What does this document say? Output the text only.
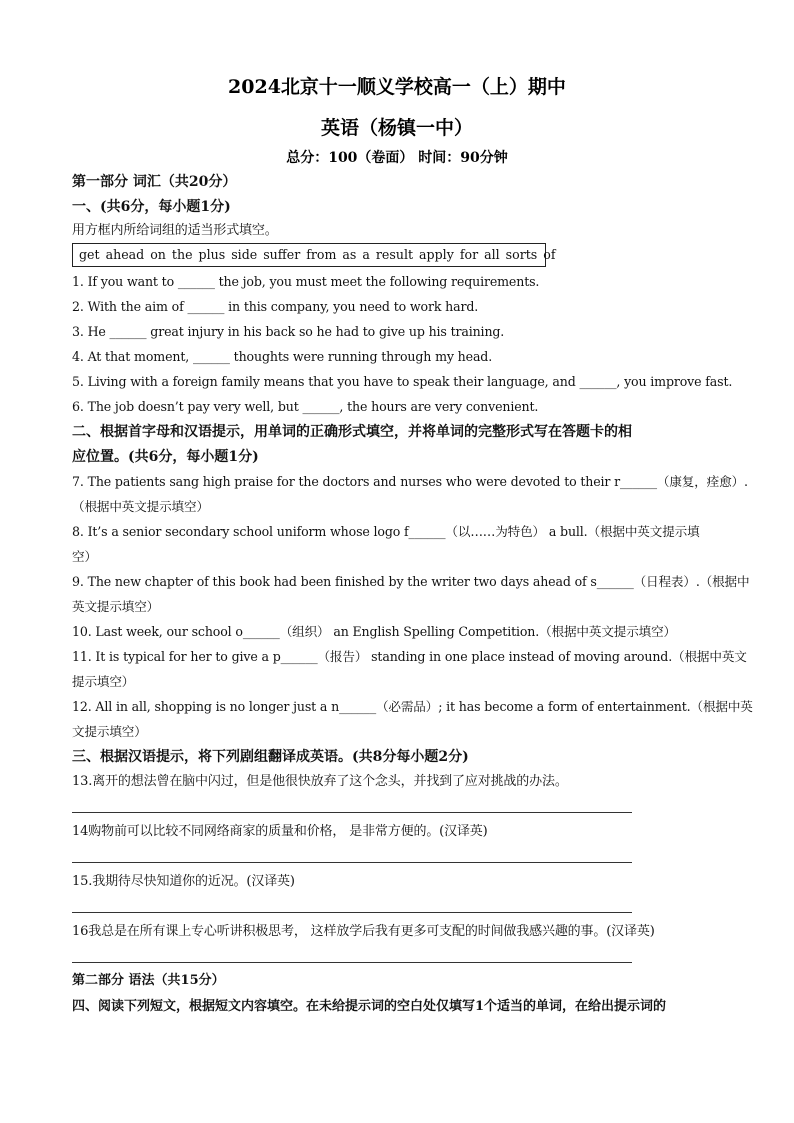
2024北京十一顺义学校高一（上）期中
英语（杨镇一中）
总分：100（卷面） 时间：90分钟
第一部分 词汇（共20分）
一、(共6分，每小题1分)
用方框内所给词组的适当形式填空。
get ahead on the plus side suffer from as a result apply for all sorts of
1. If you want to ______ the job, you must meet the following requirements.
2. With the aim of ______ in this company, you need to work hard.
3. He ______ great injury in his back so he had to give up his training.
4. At that moment, ______ thoughts were running through my head.
5. Living with a foreign family means that you have to speak their language, and ______, you improve fast.
6. The job doesn’t pay very well, but ______, the hours are very convenient.
二、根据首字母和汉语提示，用单词的正确形式填空，并将单词的完整形式写在答题卡的相
应位置。(共6分，每小题1分)
7. The patients sang high praise for the doctors and nurses who were devoted to their r______（康复，痊愈）.
（根据中英文提示填空）
8. It’s a senior secondary school uniform whose logo f______（以……为特色） a bull.（根据中英文提示填
空）
9. The new chapter of this book had been finished by the writer two days ahead of s______（日程表）.（根据中
英文提示填空）
10. Last week, our school o______（组织） an English Spelling Competition.（根据中英文提示填空）
11. It is typical for her to give a p______（报告） standing in one place instead of moving around.（根据中英文
提示填空）
12. All in all, shopping is no longer just a n______（必需品）; it has become a form of entertainment.（根据中英
文提示填空）
三、根据汉语提示，将下列剧组翻译成英语。(共8分每小题2分)
13.离开的想法曾在脑中闪过，但是他很快放弃了这个念头，并找到了应对挑战的办法。
14购物前可以比较不同网络商家的质量和价格， 是非常方便的。(汉译英)
15.我期待尽快知道你的近况。(汉译英)
16我总是在所有课上专心听讲积极思考， 这样放学后我有更多可支配的时间做我感兴趣的事。(汉译英)
第二部分 语法（共15分）
四、阅读下列短文，根据短文内容填空。在未给提示词的空白处仅填写1个适当的单词，在给出提示词的
